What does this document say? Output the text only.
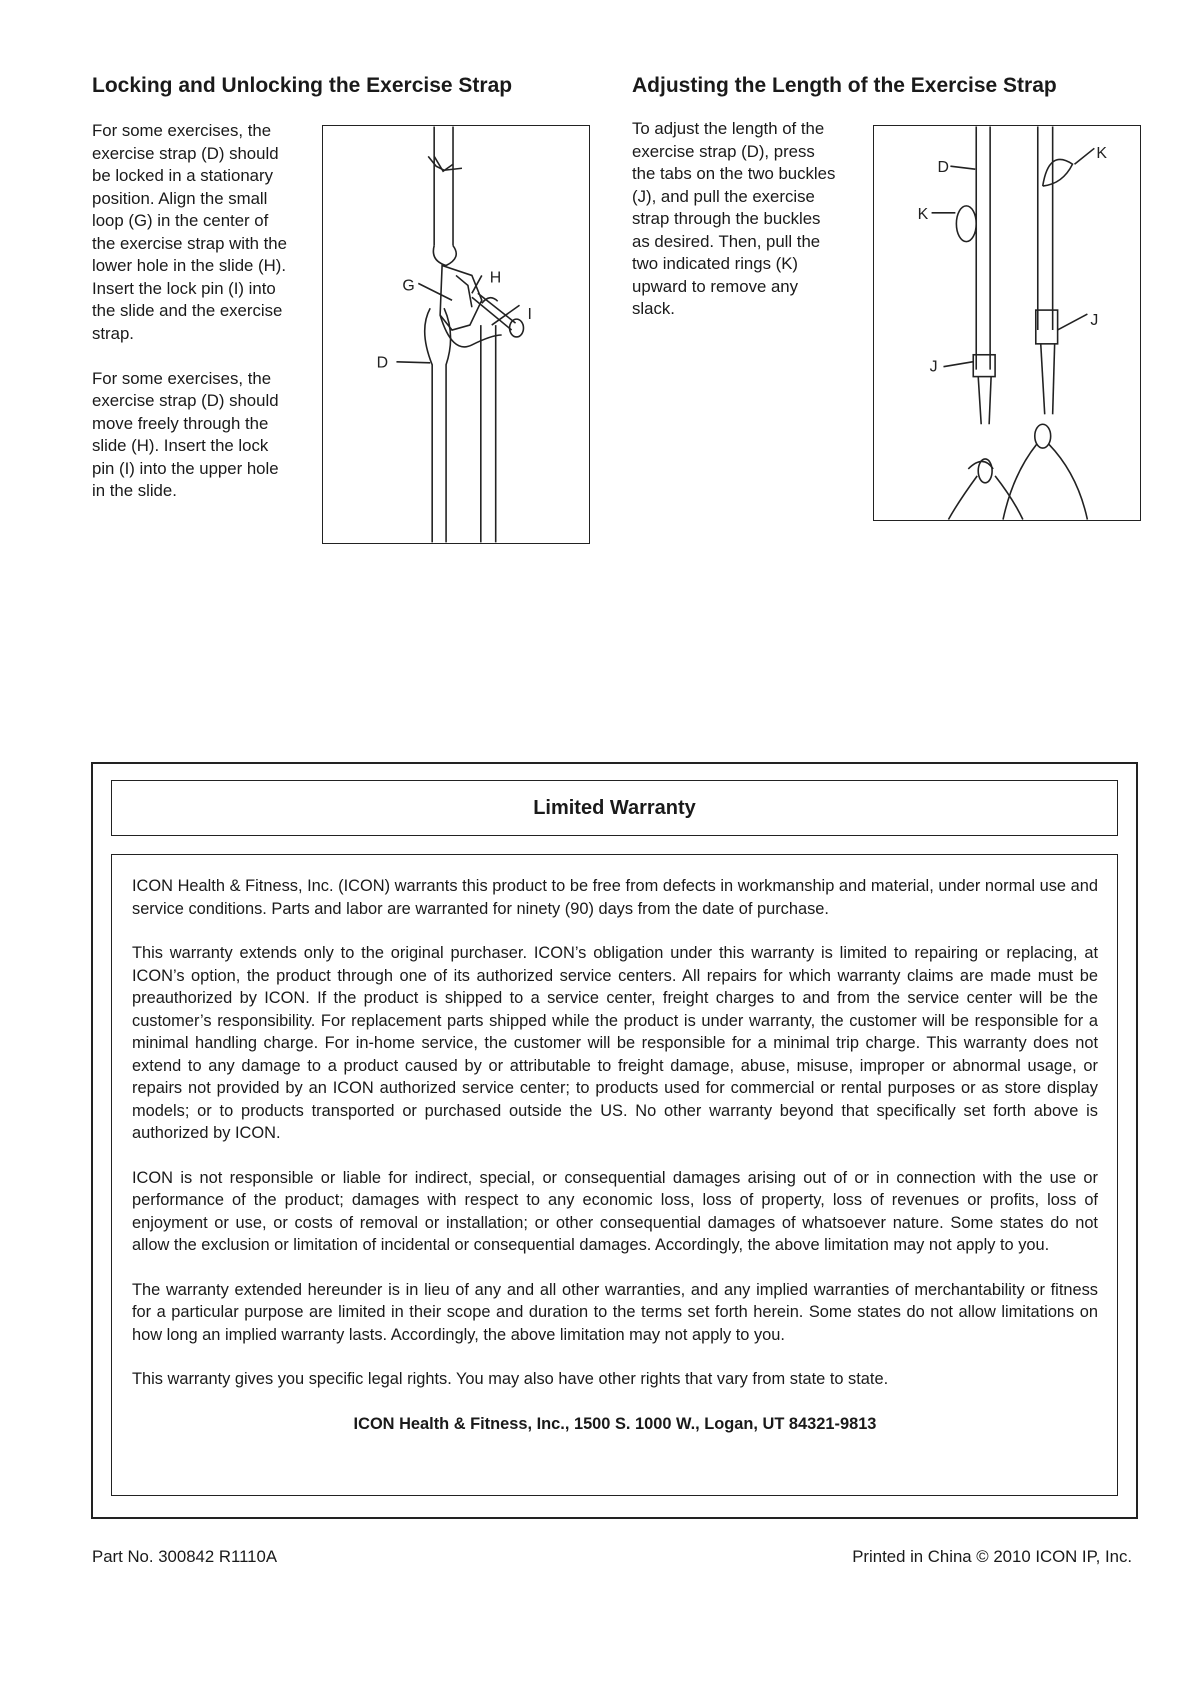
Locking and Unlocking the Exercise Strap

For some exercises, the exercise strap (D) should be locked in a stationary position. Align the small loop (G) in the center of the exercise strap with the lower hole in the slide (H). Insert the lock pin (I) into the slide and the exercise strap.

For some exercises, the exercise strap (D) should move freely through the slide (H). Insert the lock pin (I) into the upper hole in the slide.

G	H
I
D
Adjusting the Length of the Exercise Strap

To adjust the length of the exercise strap (D), press the tabs on the two buckles (J), and pull the exercise strap through the buckles as desired. Then, pull the two indicated rings (K) upward to remove any slack.

D
K
K
J
J
Limited Warranty

ICON Health & Fitness, Inc. (ICON) warrants this product to be free from defects in workmanship and material, under normal use and service conditions. Parts and labor are warranted for ninety (90) days from the date of purchase.

This warranty extends only to the original purchaser. ICON’s obligation under this warranty is limited to repairing or replacing, at ICON’s option, the product through one of its authorized service centers. All repairs for which warranty claims are made must be preauthorized by ICON. If the product is shipped to a service center, freight charges to and from the service center will be the customer’s responsibility. For replacement parts shipped while the product is under warranty, the customer will be responsible for a minimal handling charge. For in-home service, the customer will be responsible for a minimal trip charge. This warranty does not extend to any damage to a product caused by or attributable to freight damage, abuse, misuse, improper or abnormal usage, or repairs not provided by an ICON authorized service center; to products used for commercial or rental purposes or as store display models; or to products transported or purchased outside the US. No other warranty beyond that specifically set forth above is authorized by ICON.

ICON is not responsible or liable for indirect, special, or consequential damages arising out of or in connection with the use or performance of the product; damages with respect to any economic loss, loss of property, loss of revenues or profits, loss of enjoyment or use, or costs of removal or installation; or other consequential damages of whatsoever nature. Some states do not allow the exclusion or limitation of incidental or consequential damages. Accordingly, the above limitation may not apply to you.

The warranty extended hereunder is in lieu of any and all other warranties, and any implied warranties of merchantability or fitness for a particular purpose are limited in their scope and duration to the terms set forth herein. Some states do not allow limitations on how long an implied warranty lasts. Accordingly, the above limitation may not apply to you.

This warranty gives you specific legal rights. You may also have other rights that vary from state to state.

ICON Health & Fitness, Inc., 1500 S. 1000 W., Logan, UT 84321-9813

Part No. 300842 R1110A	Printed in China © 2010 ICON IP, Inc.
